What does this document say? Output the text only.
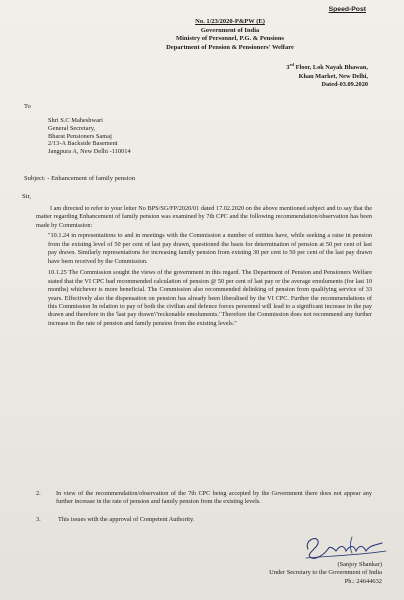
Speed-Post
No. 1/23/2020-P&PW (E)
Government of India
Ministry of Personnel, P.G. & Pensions
Department of Pension & Pensioners' Welfare
3rd Floor, Lok Nayak Bhawan,
Khan Market, New Delhi,
Dated-03.09.2020
To
Shri S.C Maheshwari
General Secretary,
Bharat Pensioners Samaj
2/13-A Backside Basement
Jangpura A, New Delhi -110014
Subject: - Enhancement of family pension
Sir,

I am directed to refer to your letter No BPS/SG/FP/2020/01 dated 17.02.2020 on the above mentioned subject and to say that the matter regarding Enhancement of family pension was examined by 7th CPC and the following recommendation/observation has been made by Commission:

"10.1.24 in representations to and in meetings with the Commission a number of entities have, while seeking a raise in pension from the existing level of 50 per cent of last pay drawn, questioned the basis for determination of pension at 50 per cent of last pay drawn. Similarly representations for increasing family pension from existing 30 per cent to 50 per cent of the last pay drawn have been received by the Commission.

10.1.25 The Commission sought the views of the government in this regard. The Department of Pension and Pensioners Welfare stated that the VI CPC had recommended calculation of pension @ 50 per cent of last pay or the average emoluments (for last 10 months) whichever is more beneficial. The Commission also recommended delinking of pension from qualifying service of 33 years. Effectively also the dispensation on pension has already been liberalised by the VI CPC. Further the recommendations of this Commission In relation to pay of both the civilian and defence forces personnel will lead to a significant increase in the pay drawn and therefore in the 'last pay drawn'/'reckonable emoluments.' Therefore the Commission does not recommend any further increase in the rate of pension and family pension from the existing levels."

2.	In view of the recommendation/observation of the 7th CPC being accepted by the Government there does not appear any further increase in the rate of pension and family pension from the existing levels.
3.	This issues with the approval of Competent Authority.
(Sanjoy Shankar)
Under Secretary to the Government of India
Ph.: 24644632
